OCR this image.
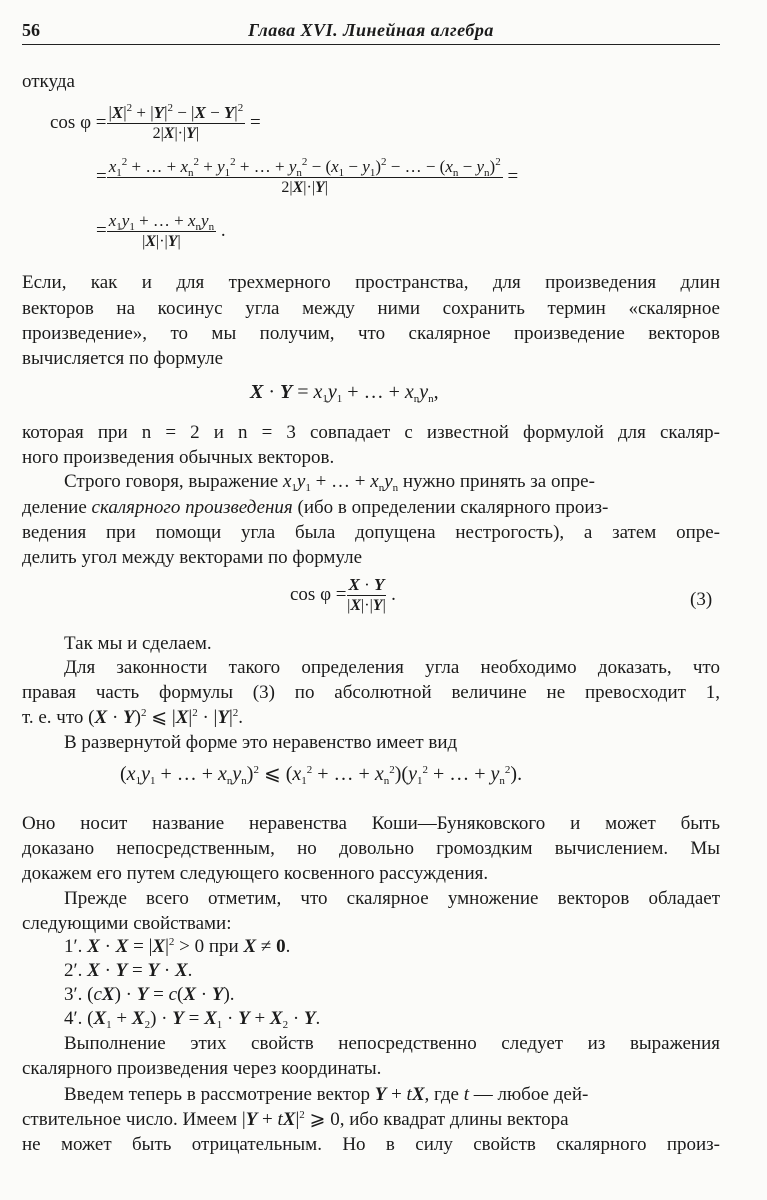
56	Глава XVI. Линейная алгебра
откуда
$\cos \varphi = \frac{|X|^2 + |Y|^2 - |X - Y|^2}{2|X|\cdot|Y|}$ =
= $\frac{x_1^2 + \dots + x_n^2 + y_1^2 + \dots + y_n^2 - (x_1 - y_1)^2 - \dots - (x_n - y_n)^2}{2|X|\cdot|Y|}$ =
= $\frac{x_1y_1 + \dots + x_ny_n}{|X|\cdot|Y|}$ .
Если, как и для трехмерного пространства, для произведения длин
векторов на косинус угла между ними сохранить термин «скалярное
произведение», то мы получим, что скалярное произведение векторов
вычисляется по формуле
$X \cdot Y = x_1y_1$ + … + $x_ny_n$,
которая при n = 2 и n = 3 совпадает с известной формулой для скаляр-
ного произведения обычных векторов.
Строго говоря, выражение $x_1y_1$ + … + $x_ny_n$ нужно принять за опре-
деление скалярного произведения (ибо в определении скалярного произ-
ведения при помощи угла была допущена нестрогость), а затем опре-
делить угол между векторами по формуле
$\cos \varphi = \frac{X \cdot Y}{|X|\cdot|Y|}$ .	(3)
Так мы и сделаем.
Для законности такого определения угла необходимо доказать, что
правая часть формулы (3) по абсолютной величине не превосходит 1,
т. е. что $(X \cdot Y)^2$ ⩽ $|X|^2 \cdot |Y|^2$.
В развернутой форме это неравенство имеет вид
($x_1y_1$ + … + $x_ny_n)^2$ ⩽ ($x_1^2$ + … + $x_n^2)(y_1^2$ + … + $y_n^2$).
Оно носит название неравенства Коши—Буняковского и может быть
доказано непосредственным, но довольно громоздким вычислением. Мы
докажем его путем следующего косвенного рассуждения.
Прежде всего отметим, что скалярное умножение векторов обладает
следующими свойствами:
1′. $X \cdot X = |X|^2 > 0$ при X ≠ 0.
2′. X · Y = Y · X.
3′. (cX) · Y = c(X · Y).
4′. $(X_1 + X_2) \cdot Y = X_1 \cdot Y + X_2 \cdot Y$.
Выполнение этих свойств непосредственно следует из выражения
скалярного произведения через координаты.
Введем теперь в рассмотрение вектор Y + tX, где t — любое дей-
ствительное число. Имеем $|Y + tX|^2$ ⩾ 0, ибо квадрат длины вектора
не может быть отрицательным. Но в силу свойств скалярного произ-
